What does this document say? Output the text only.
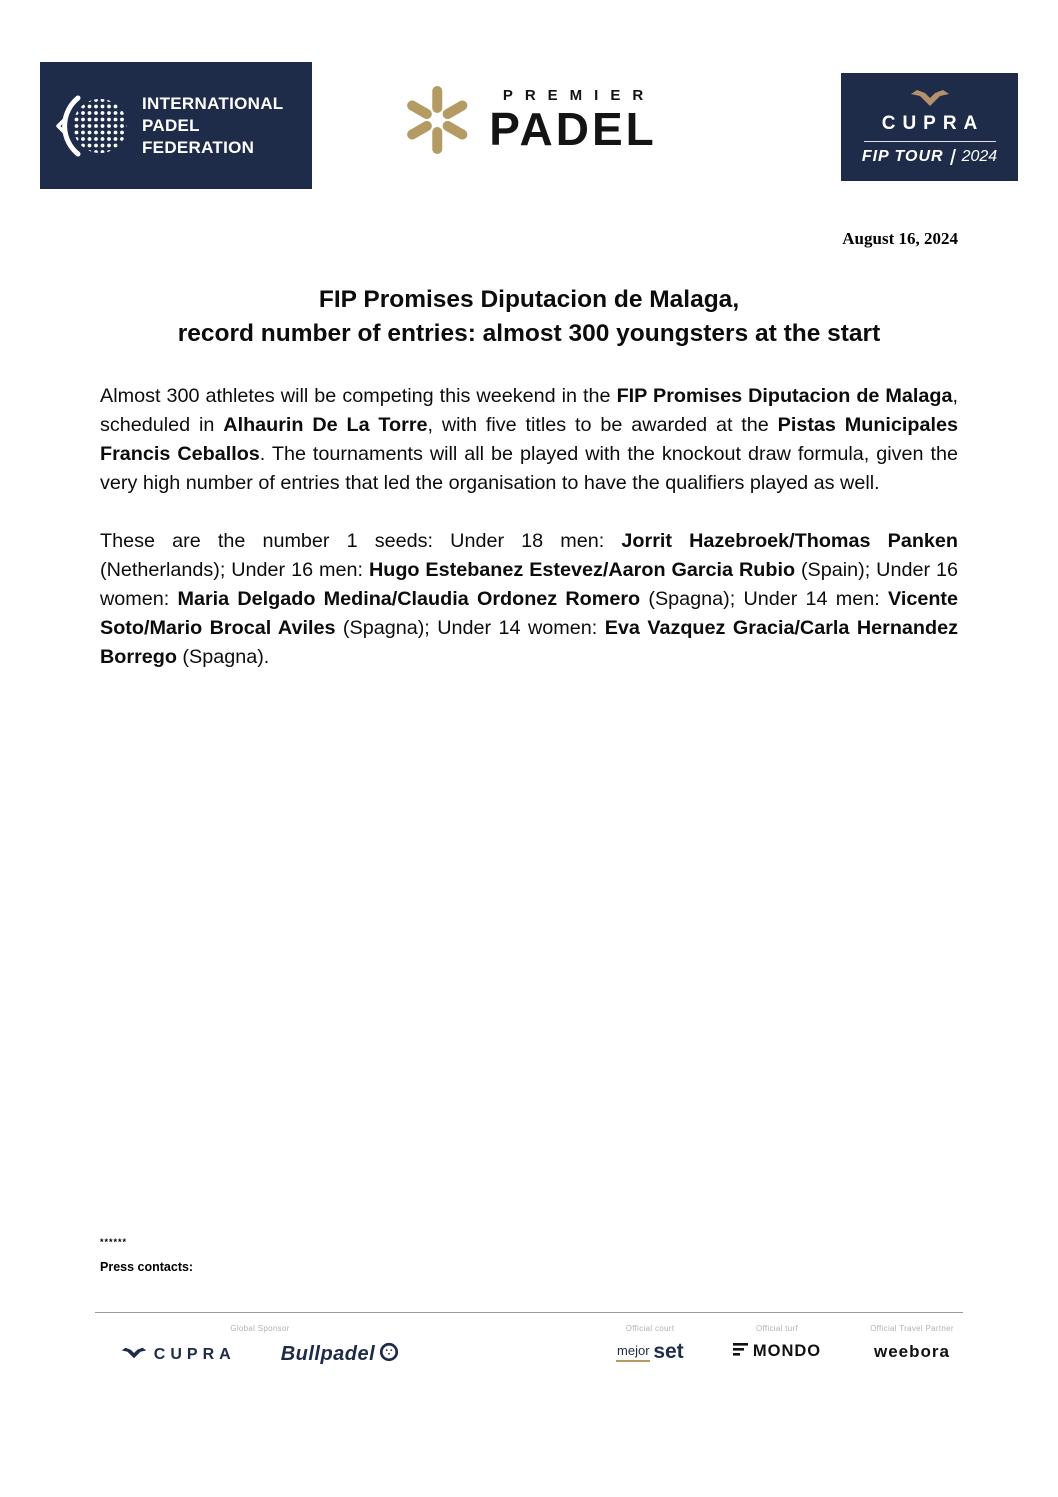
INTERNATIONAL
PADEL
FEDERATION
PREMIER
PADEL	CUPRA
FIP TOUR 2024
August 16, 2024
FIP Promises Diputacion de Malaga,
record number of entries: almost 300 youngsters at the start

Almost 300 athletes will be competing this weekend in the FIP Promises Diputacion de Malaga, scheduled in Alhaurin De La Torre, with five titles to be awarded at the Pistas Municipales Francis Ceballos. The tournaments will all be played with the knockout draw formula, given the very high number of entries that led the organisation to have the qualifiers played as well.

These are the number 1 seeds: Under 18 men: Jorrit Hazebroek/Thomas Panken (Netherlands); Under 16 men: Hugo Estebanez Estevez/Aaron Garcia Rubio (Spain); Under 16 women: Maria Delgado Medina/Claudia Ordonez Romero (Spagna); Under 14 men: Vicente Soto/Mario Brocal Aviles (Spagna); Under 14 women: Eva Vazquez Gracia/Carla Hernandez Borrego (Spagna).

******
Press contacts:
Global Sponsor
CUPRA Bullpadel
Official court
mejor set
Official turf
MONDO
Official Travel Partner
weebora
